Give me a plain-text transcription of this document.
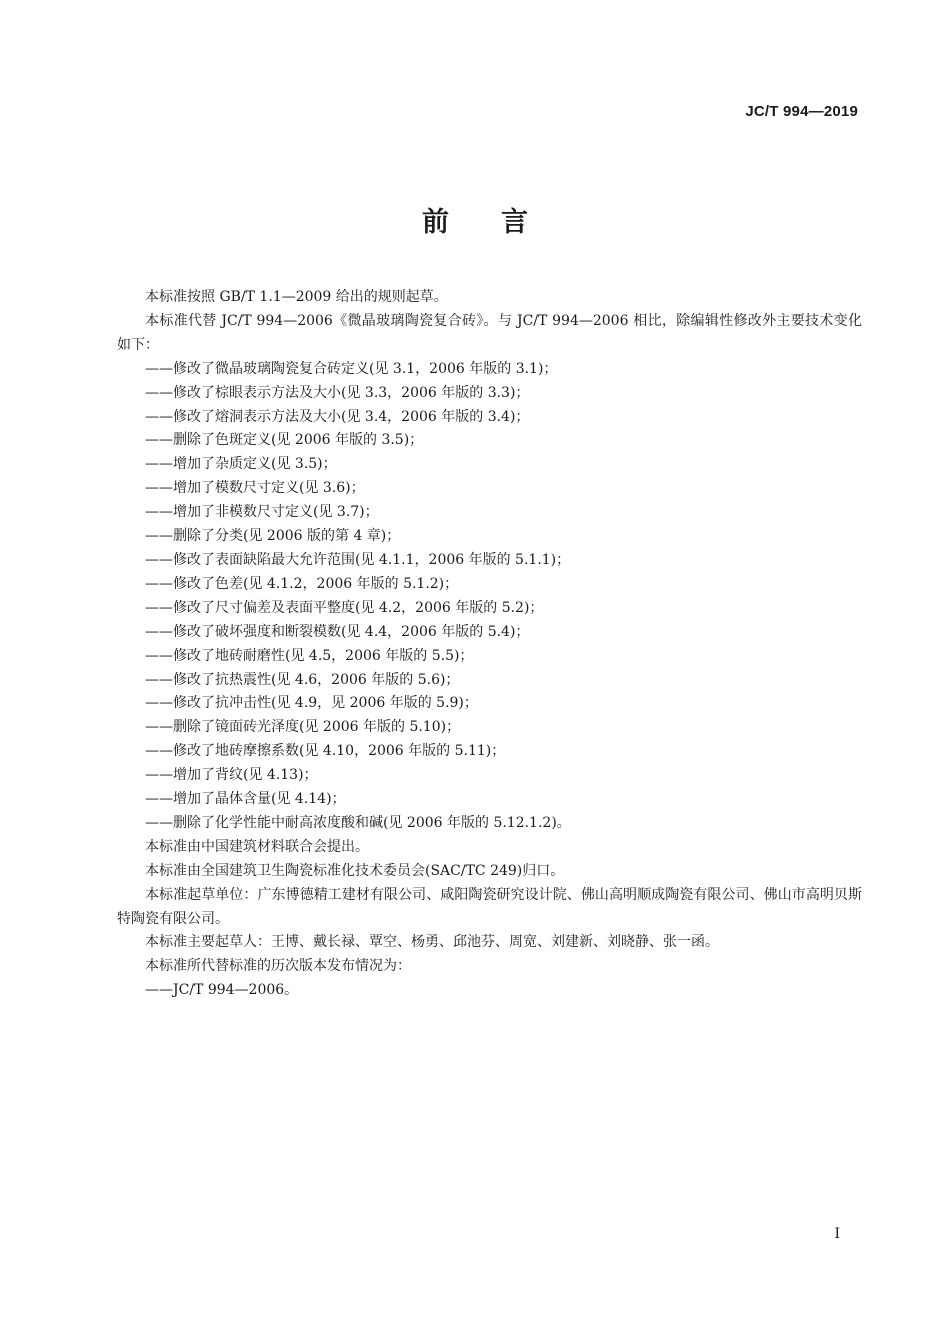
JC/T 994—2019
前言

本标准按照 GB/T 1.1—2009 给出的规则起草。

本标准代替 JC/T 994—2006《微晶玻璃陶瓷复合砖》。与 JC/T 994—2006 相比，除编辑性修改外主要技术变化如下：

——修改了微晶玻璃陶瓷复合砖定义(见 3.1，2006 年版的 3.1)；

——修改了棕眼表示方法及大小(见 3.3，2006 年版的 3.3)；

——修改了熔洞表示方法及大小(见 3.4，2006 年版的 3.4)；

——删除了色斑定义(见 2006 年版的 3.5)；

——增加了杂质定义(见 3.5)；

——增加了模数尺寸定义(见 3.6)；

——增加了非模数尺寸定义(见 3.7)；

——删除了分类(见 2006 版的第 4 章)；

——修改了表面缺陷最大允许范围(见 4.1.1，2006 年版的 5.1.1)；

——修改了色差(见 4.1.2，2006 年版的 5.1.2)；

——修改了尺寸偏差及表面平整度(见 4.2，2006 年版的 5.2)；

——修改了破坏强度和断裂模数(见 4.4，2006 年版的 5.4)；

——修改了地砖耐磨性(见 4.5，2006 年版的 5.5)；

——修改了抗热震性(见 4.6，2006 年版的 5.6)；

——修改了抗冲击性(见 4.9，见 2006 年版的 5.9)；

——删除了镜面砖光泽度(见 2006 年版的 5.10)；

——修改了地砖摩擦系数(见 4.10，2006 年版的 5.11)；

——增加了背纹(见 4.13)；

——增加了晶体含量(见 4.14)；

——删除了化学性能中耐高浓度酸和碱(见 2006 年版的 5.12.1.2)。

本标准由中国建筑材料联合会提出。

本标准由全国建筑卫生陶瓷标准化技术委员会(SAC/TC 249)归口。

本标准起草单位：广东博德精工建材有限公司、咸阳陶瓷研究设计院、佛山高明顺成陶瓷有限公司、佛山市高明贝斯特陶瓷有限公司。

本标准主要起草人：王博、戴长禄、覃空、杨勇、邱池芬、周宽、刘建新、刘晓静、张一函。

本标准所代替标准的历次版本发布情况为：

——JC/T 994—2006。

I
